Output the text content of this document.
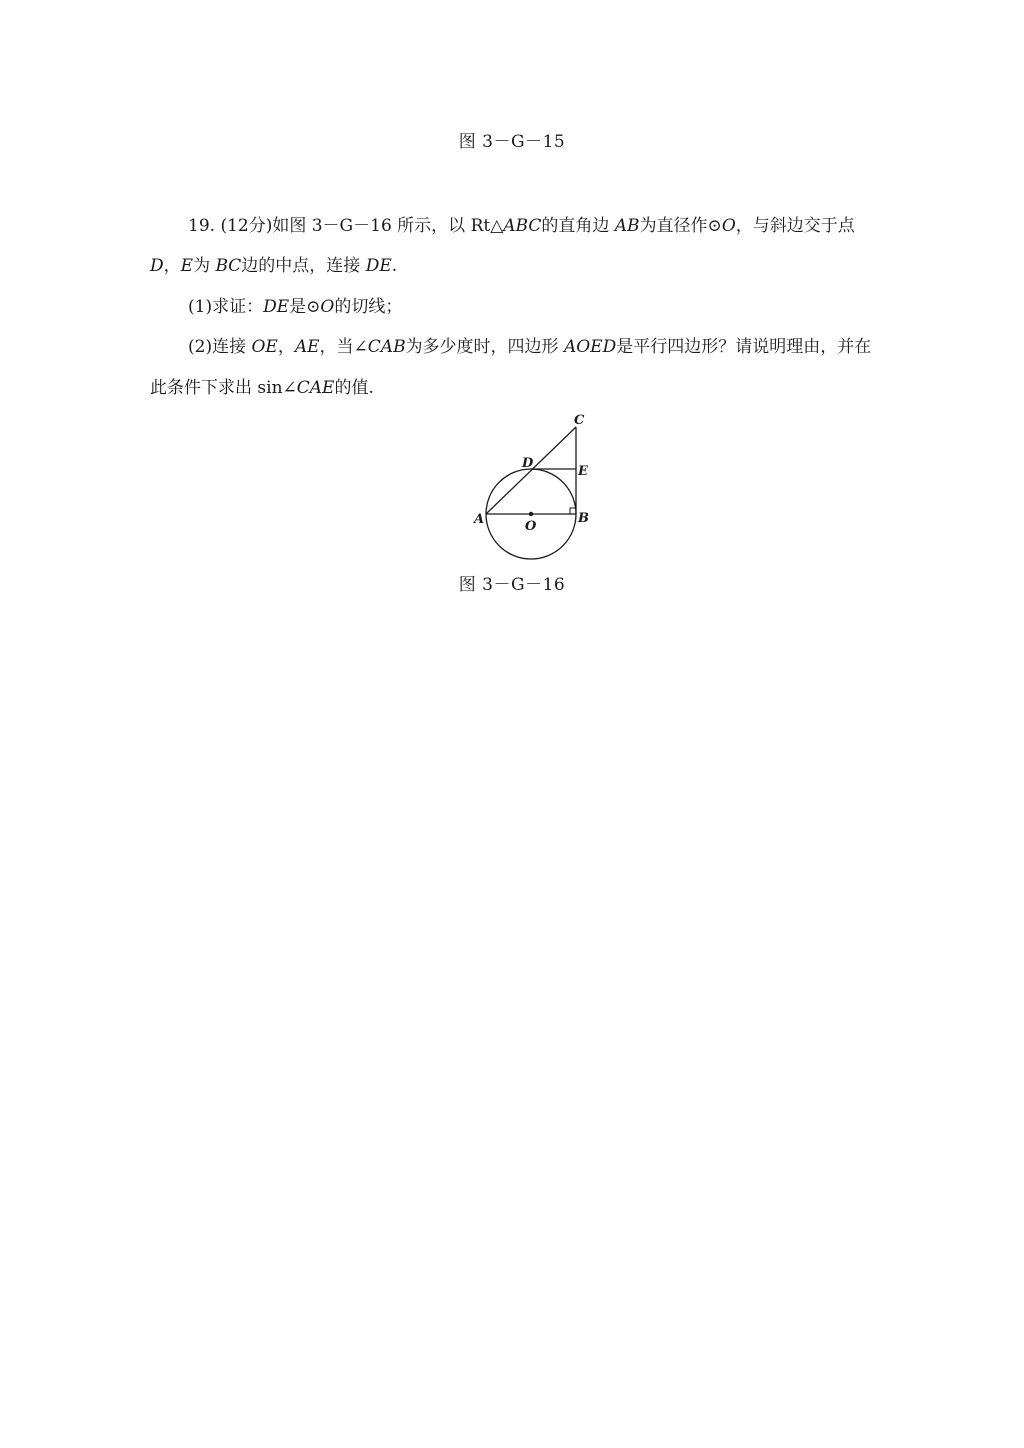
图 3－G－15
19. (12分)如图 3－G－16 所示，以 Rt△ABC的直角边 AB为直径作⊙O，与斜边交于点
D，E为 BC边的中点，连接 DE.
(1)求证：DE是⊙O的切线；
(2)连接 OE，AE，当∠CAB为多少度时，四边形 AOED是平行四边形？请说明理由，并在
此条件下求出 sin∠CAE的值.
C
D
E
A	B
O
图 3－G－16
